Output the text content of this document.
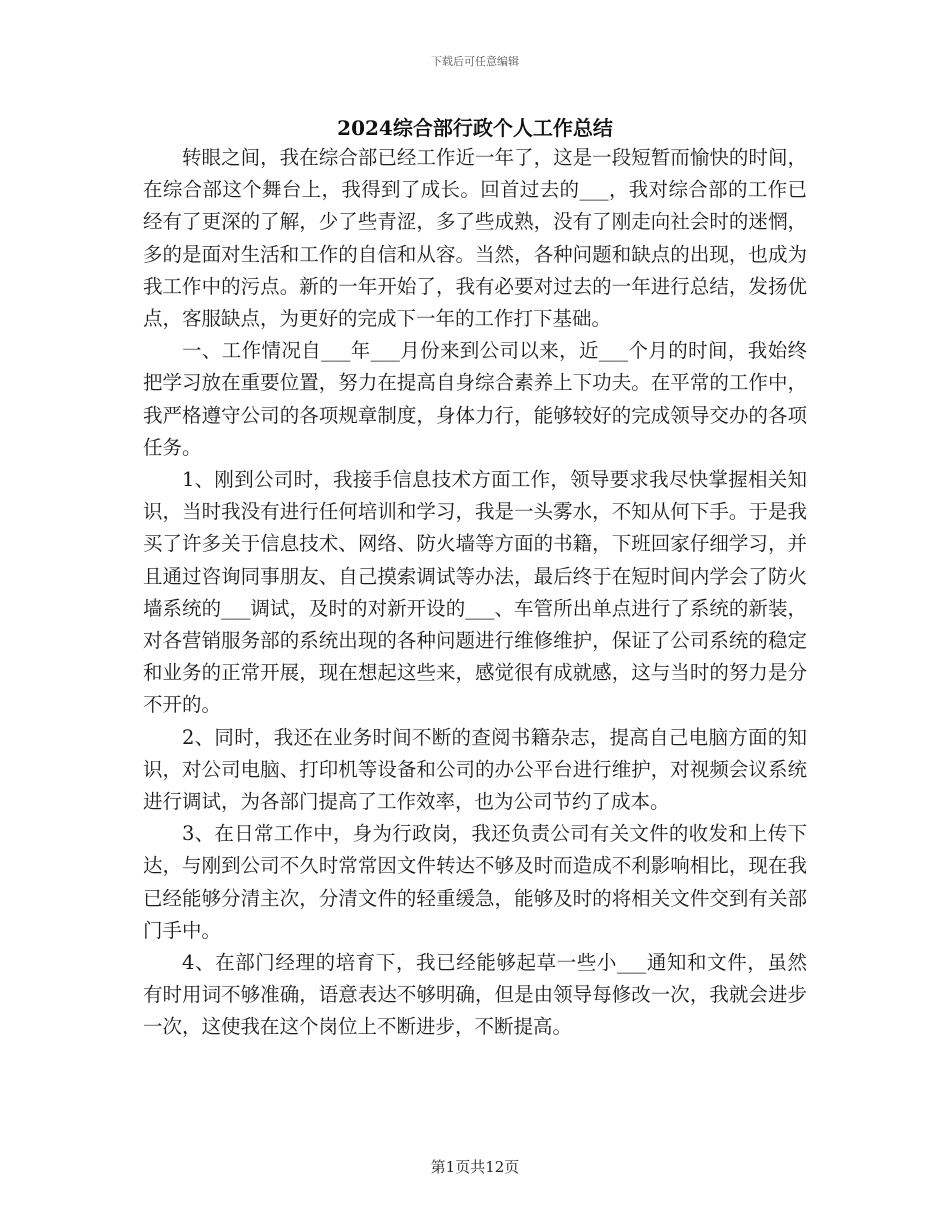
下载后可任意编辑
2024综合部行政个人工作总结

转眼之间，我在综合部已经工作近一年了，这是一段短暂而愉快的时间，在综合部这个舞台上，我得到了成长。回首过去的___，我对综合部的工作已经有了更深的了解，少了些青涩，多了些成熟，没有了刚走向社会时的迷惘，多的是面对生活和工作的自信和从容。当然，各种问题和缺点的出现，也成为我工作中的污点。新的一年开始了，我有必要对过去的一年进行总结，发扬优点，客服缺点，为更好的完成下一年的工作打下基础。

一、工作情况自___年___月份来到公司以来，近___个月的时间，我始终把学习放在重要位置，努力在提高自身综合素养上下功夫。在平常的工作中，我严格遵守公司的各项规章制度，身体力行，能够较好的完成领导交办的各项任务。

1、刚到公司时，我接手信息技术方面工作，领导要求我尽快掌握相关知识，当时我没有进行任何培训和学习，我是一头雾水，不知从何下手。于是我买了许多关于信息技术、网络、防火墙等方面的书籍，下班回家仔细学习，并且通过咨询同事朋友、自己摸索调试等办法，最后终于在短时间内学会了防火墙系统的___调试，及时的对新开设的___、车管所出单点进行了系统的新装，对各营销服务部的系统出现的各种问题进行维修维护，保证了公司系统的稳定和业务的正常开展，现在想起这些来，感觉很有成就感，这与当时的努力是分不开的。

2、同时，我还在业务时间不断的查阅书籍杂志，提高自己电脑方面的知识，对公司电脑、打印机等设备和公司的办公平台进行维护，对视频会议系统进行调试，为各部门提高了工作效率，也为公司节约了成本。

3、在日常工作中，身为行政岗，我还负责公司有关文件的收发和上传下达，与刚到公司不久时常常因文件转达不够及时而造成不利影响相比，现在我已经能够分清主次，分清文件的轻重缓急，能够及时的将相关文件交到有关部门手中。

4、在部门经理的培育下，我已经能够起草一些小___通知和文件，虽然有时用词不够准确，语意表达不够明确，但是由领导每修改一次，我就会进步一次，这使我在这个岗位上不断进步，不断提高。

第1页共12页
